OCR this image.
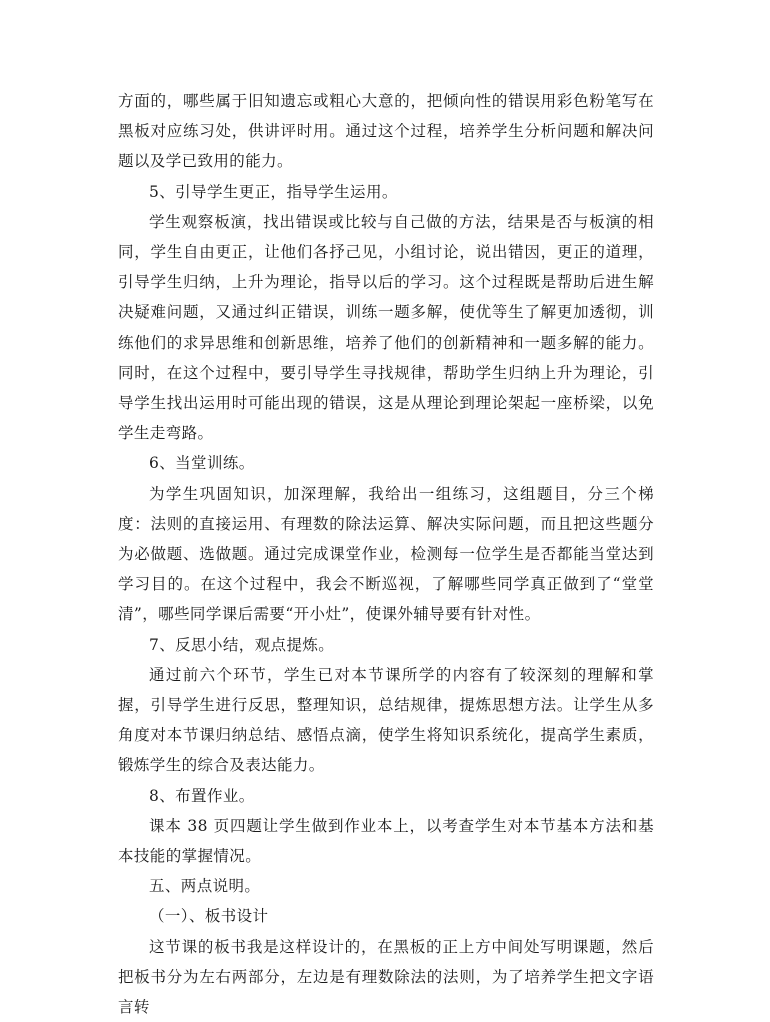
方面的，哪些属于旧知遗忘或粗心大意的，把倾向性的错误用彩色粉笔写在黑板对应练习处，供讲评时用。通过这个过程，培养学生分析问题和解决问题以及学已致用的能力。

5、引导学生更正，指导学生运用。

学生观察板演，找出错误或比较与自己做的方法，结果是否与板演的相同，学生自由更正，让他们各抒己见，小组讨论，说出错因，更正的道理，引导学生归纳，上升为理论，指导以后的学习。这个过程既是帮助后进生解决疑难问题，又通过纠正错误，训练一题多解，使优等生了解更加透彻，训练他们的求异思维和创新思维，培养了他们的创新精神和一题多解的能力。同时，在这个过程中，要引导学生寻找规律，帮助学生归纳上升为理论，引导学生找出运用时可能出现的错误，这是从理论到理论架起一座桥梁，以免学生走弯路。

6、当堂训练。

为学生巩固知识，加深理解，我给出一组练习，这组题目，分三个梯度：法则的直接运用、有理数的除法运算、解决实际问题，而且把这些题分为必做题、选做题。通过完成课堂作业，检测每一位学生是否都能当堂达到学习目的。在这个过程中，我会不断巡视，了解哪些同学真正做到了“堂堂清”，哪些同学课后需要“开小灶”，使课外辅导要有针对性。

7、反思小结，观点提炼。

通过前六个环节，学生已对本节课所学的内容有了较深刻的理解和掌握，引导学生进行反思，整理知识，总结规律，提炼思想方法。让学生从多角度对本节课归纳总结、感悟点滴，使学生将知识系统化，提高学生素质，锻炼学生的综合及表达能力。

8、布置作业。

课本 38 页四题让学生做到作业本上，以考查学生对本节基本方法和基本技能的掌握情况。

五、两点说明。

（一）、板书设计

这节课的板书我是这样设计的，在黑板的正上方中间处写明课题，然后把板书分为左右两部分，左边是有理数除法的法则，为了培养学生把文字语言转
